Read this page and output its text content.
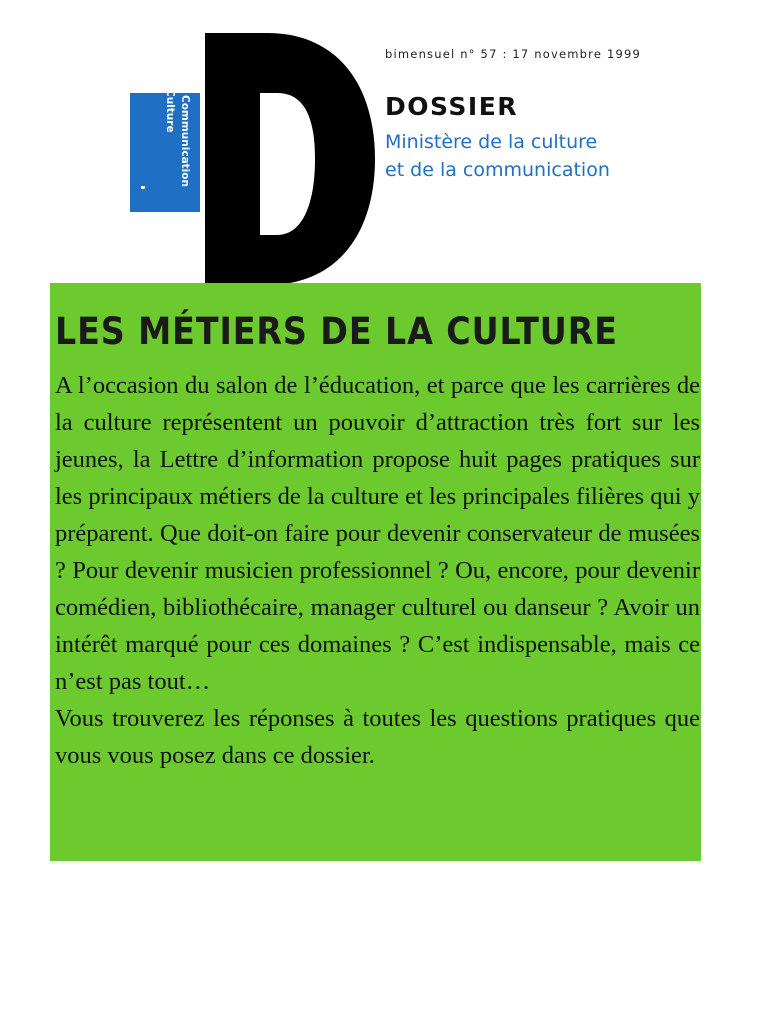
Culture Communication
bimensuel n° 57 : 17 novembre 1999
DOSSIER
Ministère de la culture
et de la communication
LES MÉTIERS DE LA CULTURE

A l’occasion du salon de l’éducation, et parce que les carrières de la culture représentent un pouvoir d’attraction très fort sur les jeunes, la Lettre d’information propose huit pages pratiques sur les principaux métiers de la culture et les principales filières qui y préparent. Que doit-on faire pour devenir conservateur de musées ? Pour devenir musicien professionnel ? Ou, encore, pour devenir comédien, bibliothécaire, manager culturel ou danseur ? Avoir un intérêt marqué pour ces domaines ? C’est indispensable, mais ce n’est pas tout…

Vous trouverez les réponses à toutes les questions pratiques que vous vous posez dans ce dossier.
